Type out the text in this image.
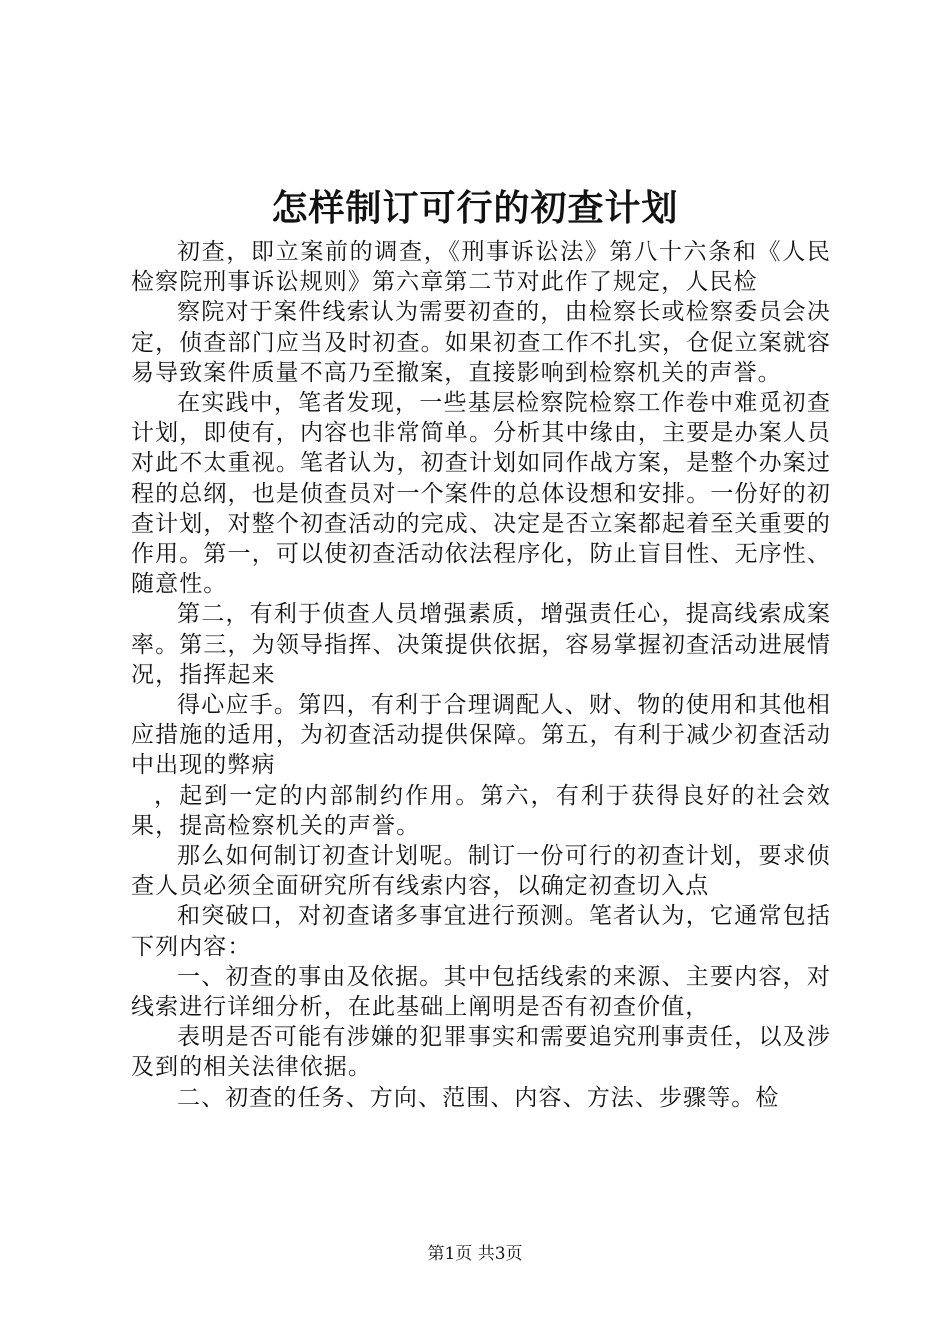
怎样制订可行的初查计划

初查，即立案前的调查，《刑事诉讼法》第八十六条和《人民检察院刑事诉讼规则》第六章第二节对此作了规定，人民检

察院对于案件线索认为需要初查的，由检察长或检察委员会决定，侦查部门应当及时初查。如果初查工作不扎实，仓促立案就容易导致案件质量不高乃至撤案，直接影响到检察机关的声誉。

在实践中，笔者发现，一些基层检察院检察工作卷中难觅初查计划，即使有，内容也非常简单。分析其中缘由，主要是办案人员对此不太重视。笔者认为，初查计划如同作战方案，是整个办案过程的总纲，也是侦查员对一个案件的总体设想和安排。一份好的初查计划，对整个初查活动的完成、决定是否立案都起着至关重要的作用。第一，可以使初查活动依法程序化，防止盲目性、无序性、随意性。

第二，有利于侦查人员增强素质，增强责任心，提高线索成案率。第三，为领导指挥、决策提供依据，容易掌握初查活动进展情况，指挥起来

得心应手。第四，有利于合理调配人、财、物的使用和其他相应措施的适用，为初查活动提供保障。第五，有利于减少初查活动中出现的弊病

，起到一定的内部制约作用。第六，有利于获得良好的社会效果，提高检察机关的声誉。

那么如何制订初查计划呢。制订一份可行的初查计划，要求侦查人员必须全面研究所有线索内容，以确定初查切入点

和突破口，对初查诸多事宜进行预测。笔者认为，它通常包括下列内容：

一、初查的事由及依据。其中包括线索的来源、主要内容，对线索进行详细分析，在此基础上阐明是否有初查价值，

表明是否可能有涉嫌的犯罪事实和需要追究刑事责任，以及涉及到的相关法律依据。

二、初查的任务、方向、范围、内容、方法、步骤等。检

第1页 共3页
